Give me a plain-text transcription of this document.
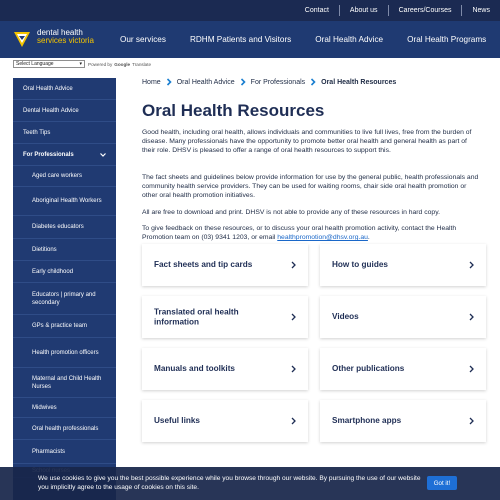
Contact	About us	Careers/Courses	News
dental health
services victoria	Our services	RDHM Patients and Visitors	Oral Health Advice	Oral Health Programs
Select Language	▾ Powered by Google Translate
Oral Health Advice
Dental Health Advice
Teeth Tips
For Professionals
Aged care workers
Aboriginal Health Workers
Diabetes educators
Dietitions
Early childhood
Educators | primary and secondary
GPs & practice team
Health promotion officers
Maternal and Child Health Nurses
Midwives
Oral health professionals
Pharmacists
Home Oral Health Advice For Professionals Oral Health Resources
Oral Health Resources

Good health, including oral health, allows individuals and communities to live full lives, free from the burden of disease. Many professionals have the opportunity to promote better oral health and general health as part of their role. DHSV is pleased to offer a range of oral health resources to support this.

The fact sheets and guidelines below provide information for use by the general public, health professionals and community health service providers. They can be used for waiting rooms, chair side oral health promotion or other oral health promotion initiatives.

All are free to download and print. DHSV is not able to provide any of these resources in hard copy.

To give feedback on these resources, or to discuss your oral health promotion activity, contact the Health Promotion team on (03) 9341 1203, or email healthpromotion@dhsv.org.au.

Fact sheets and tip cards	How to guides
Translated oral health information
Videos
Manuals and toolkits	Other publications
Useful links	Smartphone apps
We use cookies to give you the best possible experience while you browse through our website. By pursuing the use of our website you implicitly agree to the usage of cookies on this site.
Got it!
